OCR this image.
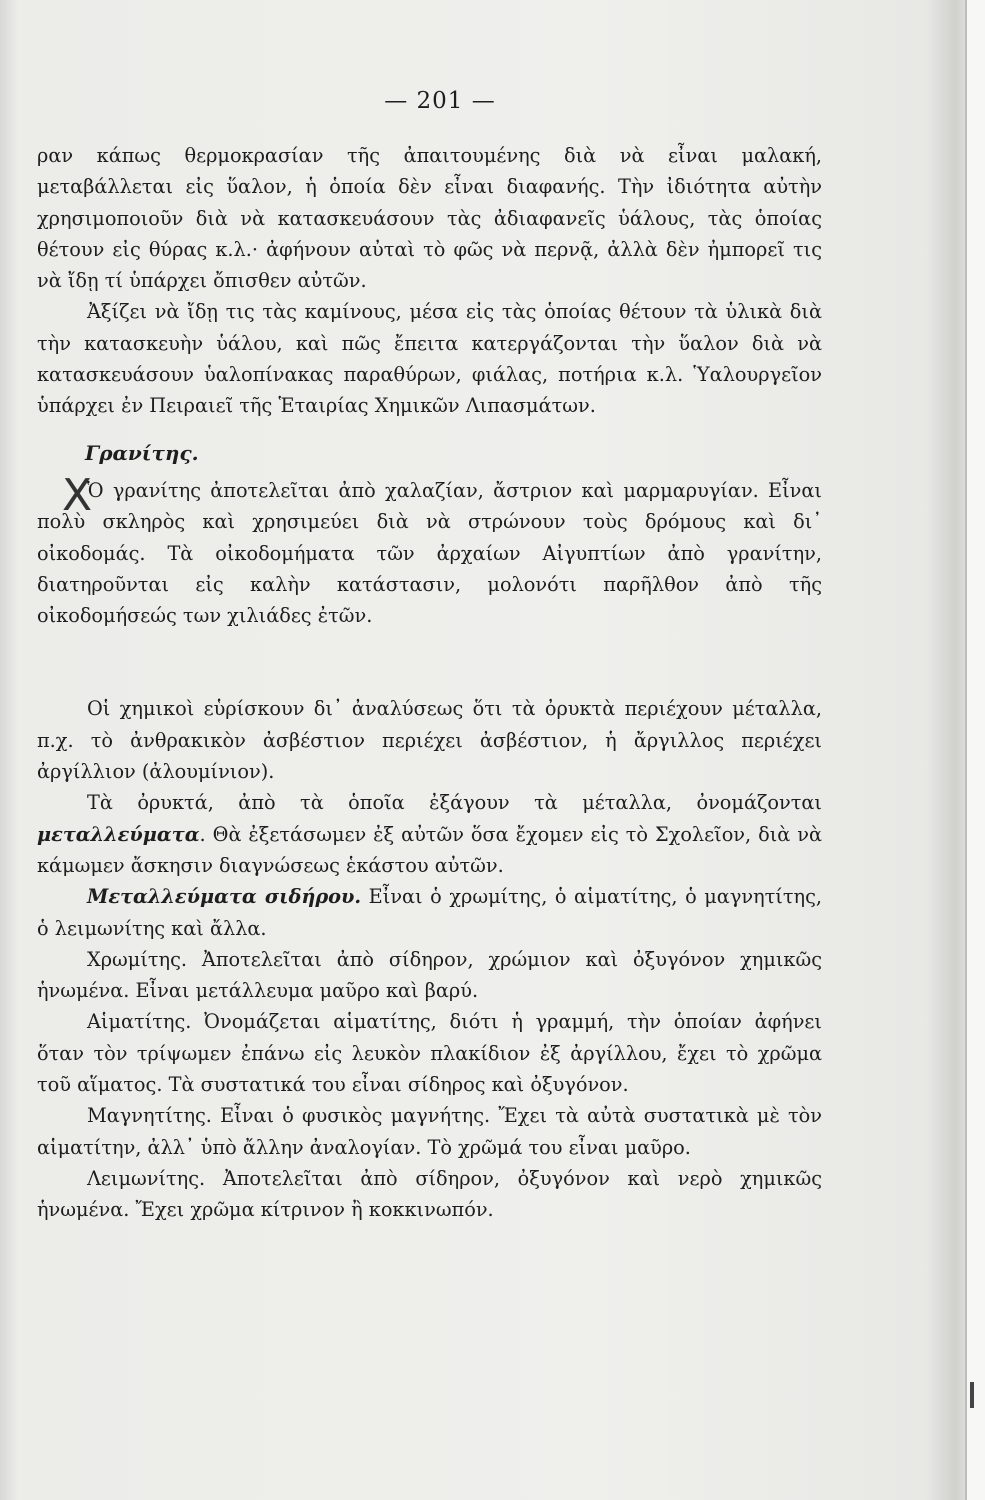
— 201 —
X

ραν κάπως θερμοκρασίαν τῆς ἀπαιτουμένης διὰ νὰ εἶναι μαλακή, μεταβάλλεται εἰς ὕαλον, ἡ ὁποία δὲν εἶναι διαφανής. Τὴν ἰδιότητα αὐτὴν χρησιμοποιοῦν διὰ νὰ κατασκευάσουν τὰς ἀδιαφανεῖς ὑάλους, τὰς ὁποίας θέτουν εἰς θύρας κ.λ.· ἀφήνουν αὐταὶ τὸ φῶς νὰ περνᾷ, ἀλλὰ δὲν ἠμπορεῖ τις νὰ ἴδῃ τί ὑπάρχει ὄπισθεν αὐτῶν.

Ἀξίζει νὰ ἴδῃ τις τὰς καμίνους, μέσα εἰς τὰς ὁποίας θέτουν τὰ ὑλικὰ διὰ τὴν κατασκευὴν ὑάλου, καὶ πῶς ἔπειτα κατεργάζονται τὴν ὕαλον διὰ νὰ κατασκευάσουν ὑαλοπίνακας παραθύρων, φιάλας, ποτήρια κ.λ. Ὑαλουργεῖον ὑπάρχει ἐν Πειραιεῖ τῆς Ἑταιρίας Χημικῶν Λιπασμάτων.

Γρανίτης.

Ὁ γρανίτης ἀποτελεῖται ἀπὸ χαλαζίαν, ἄστριον καὶ μαρμαρυγίαν. Εἶναι πολὺ σκληρὸς καὶ χρησιμεύει διὰ νὰ στρώνουν τοὺς δρόμους καὶ δι᾽ οἰκοδομάς. Τὰ οἰκοδομήματα τῶν ἀρχαίων Αἰγυπτίων ἀπὸ γρανίτην, διατηροῦνται εἰς καλὴν κατάστασιν, μολονότι παρῆλθον ἀπὸ τῆς οἰκοδομήσεώς των χιλιάδες ἐτῶν.

Οἱ χημικοὶ εὑρίσκουν δι᾽ ἀναλύσεως ὅτι τὰ ὀρυκτὰ περιέχουν μέταλλα, π.χ. τὸ ἀνθρακικὸν ἀσβέστιον περιέχει ἀσβέστιον, ἡ ἄργιλλος περιέχει ἀργίλλιον (ἀλουμίνιον).

Τὰ ὀρυκτά, ἀπὸ τὰ ὁποῖα ἐξάγουν τὰ μέταλλα, ὀνομάζονται μεταλλεύματα. Θὰ ἐξετάσωμεν ἐξ αὐτῶν ὅσα ἔχομεν εἰς τὸ Σχολεῖον, διὰ νὰ κάμωμεν ἄσκησιν διαγνώσεως ἑκάστου αὐτῶν.

Μεταλλεύματα σιδήρου. Εἶναι ὁ χρωμίτης, ὁ αἱματίτης, ὁ μαγνητίτης, ὁ λειμωνίτης καὶ ἄλλα.

Χρωμίτης. Ἀποτελεῖται ἀπὸ σίδηρον, χρώμιον καὶ ὀξυγόνον χημικῶς ἡνωμένα. Εἶναι μετάλλευμα μαῦρο καὶ βαρύ.

Αἱματίτης. Ὀνομάζεται αἱματίτης, διότι ἡ γραμμή, τὴν ὁποίαν ἀφήνει ὅταν τὸν τρίψωμεν ἐπάνω εἰς λευκὸν πλακίδιον ἐξ ἀργίλλου, ἔχει τὸ χρῶμα τοῦ αἵματος. Τὰ συστατικά του εἶναι σίδηρος καὶ ὀξυγόνον.

Μαγνητίτης. Εἶναι ὁ φυσικὸς μαγνήτης. Ἔχει τὰ αὐτὰ συστατικὰ μὲ τὸν αἱματίτην, ἀλλ᾽ ὑπὸ ἄλλην ἀναλογίαν. Τὸ χρῶμά του εἶναι μαῦρο.

Λειμωνίτης. Ἀποτελεῖται ἀπὸ σίδηρον, ὀξυγόνον καὶ νερὸ χημικῶς ἡνωμένα. Ἔχει χρῶμα κίτρινον ἢ κοκκινωπόν.
